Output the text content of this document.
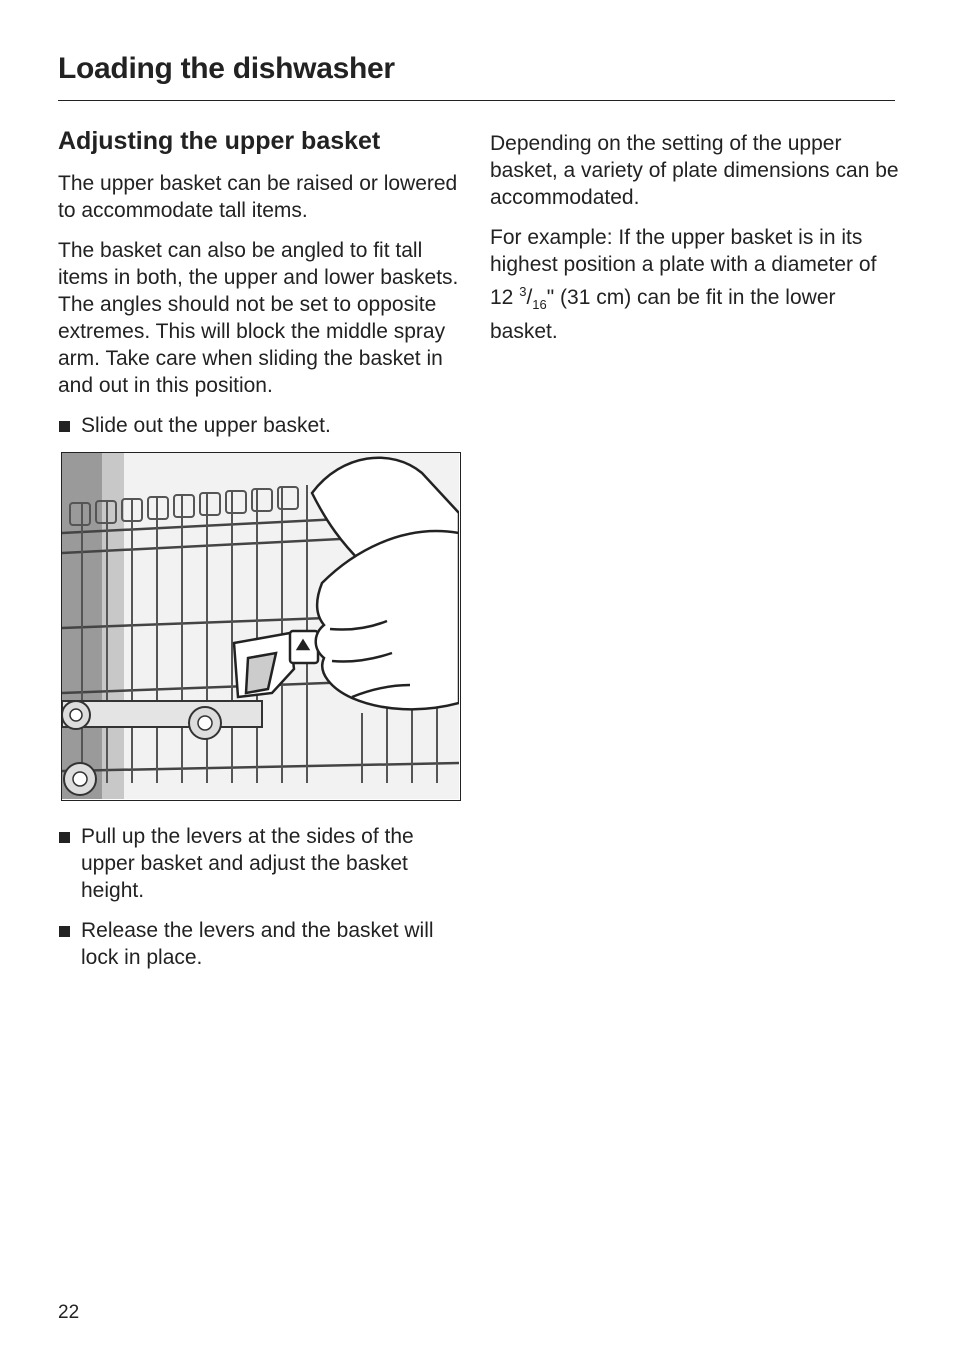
Loading the dishwasher
Adjusting the upper basket

The upper basket can be raised or lowered to accommodate tall items.

The basket can also be angled to fit tall items in both, the upper and lower baskets. The angles should not be set to opposite extremes. This will block the middle spray arm. Take care when sliding the basket in and out in this position.

Slide out the upper basket.
Pull up the levers at the sides of the upper basket and adjust the basket height.
Release the levers and the basket will lock in place.

Depending on the setting of the upper basket, a variety of plate dimensions can be accommodated.

For example: If the upper basket is in its highest position a plate with a diameter of 12 $^3/_{16}$" (31 cm) can be fit in the lower basket.

22
